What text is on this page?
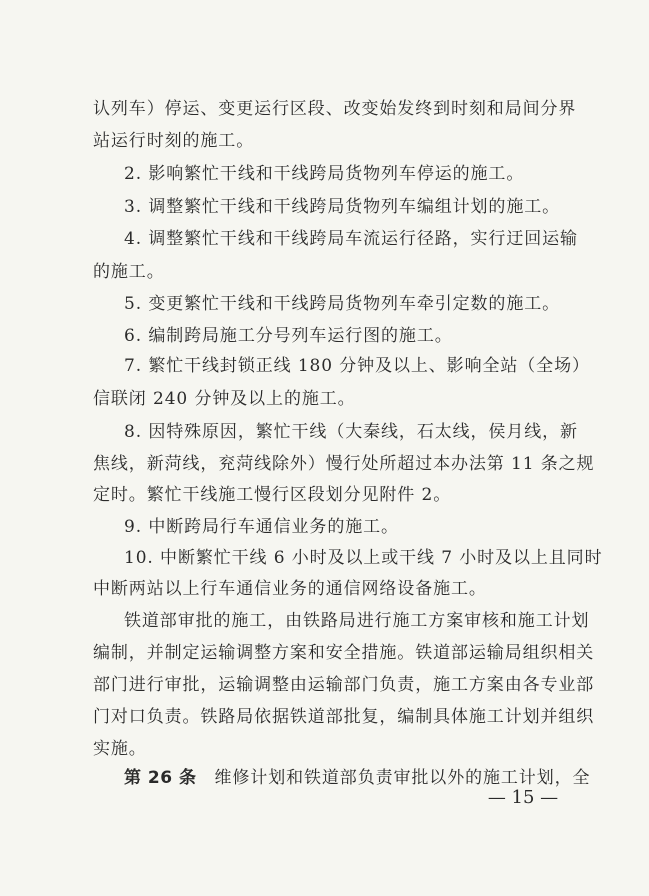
认列车）停运、变更运行区段、改变始发终到时刻和局间分界
站运行时刻的施工。
2. 影响繁忙干线和干线跨局货物列车停运的施工。
3. 调整繁忙干线和干线跨局货物列车编组计划的施工。
4. 调整繁忙干线和干线跨局车流运行径路，实行迂回运输
的施工。
5. 变更繁忙干线和干线跨局货物列车牵引定数的施工。
6. 编制跨局施工分号列车运行图的施工。
7. 繁忙干线封锁正线 180 分钟及以上、影响全站（全场）
信联闭 240 分钟及以上的施工。
8. 因特殊原因，繁忙干线（大秦线，石太线，侯月线，新
焦线，新菏线，兖菏线除外）慢行处所超过本办法第 11 条之规
定时。繁忙干线施工慢行区段划分见附件 2。
9. 中断跨局行车通信业务的施工。
10. 中断繁忙干线 6 小时及以上或干线 7 小时及以上且同时
中断两站以上行车通信业务的通信网络设备施工。
铁道部审批的施工，由铁路局进行施工方案审核和施工计划
编制，并制定运输调整方案和安全措施。铁道部运输局组织相关
部门进行审批，运输调整由运输部门负责，施工方案由各专业部
门对口负责。铁路局依据铁道部批复，编制具体施工计划并组织
实施。
第 26 条 维修计划和铁道部负责审批以外的施工计划，全
— 15 —
